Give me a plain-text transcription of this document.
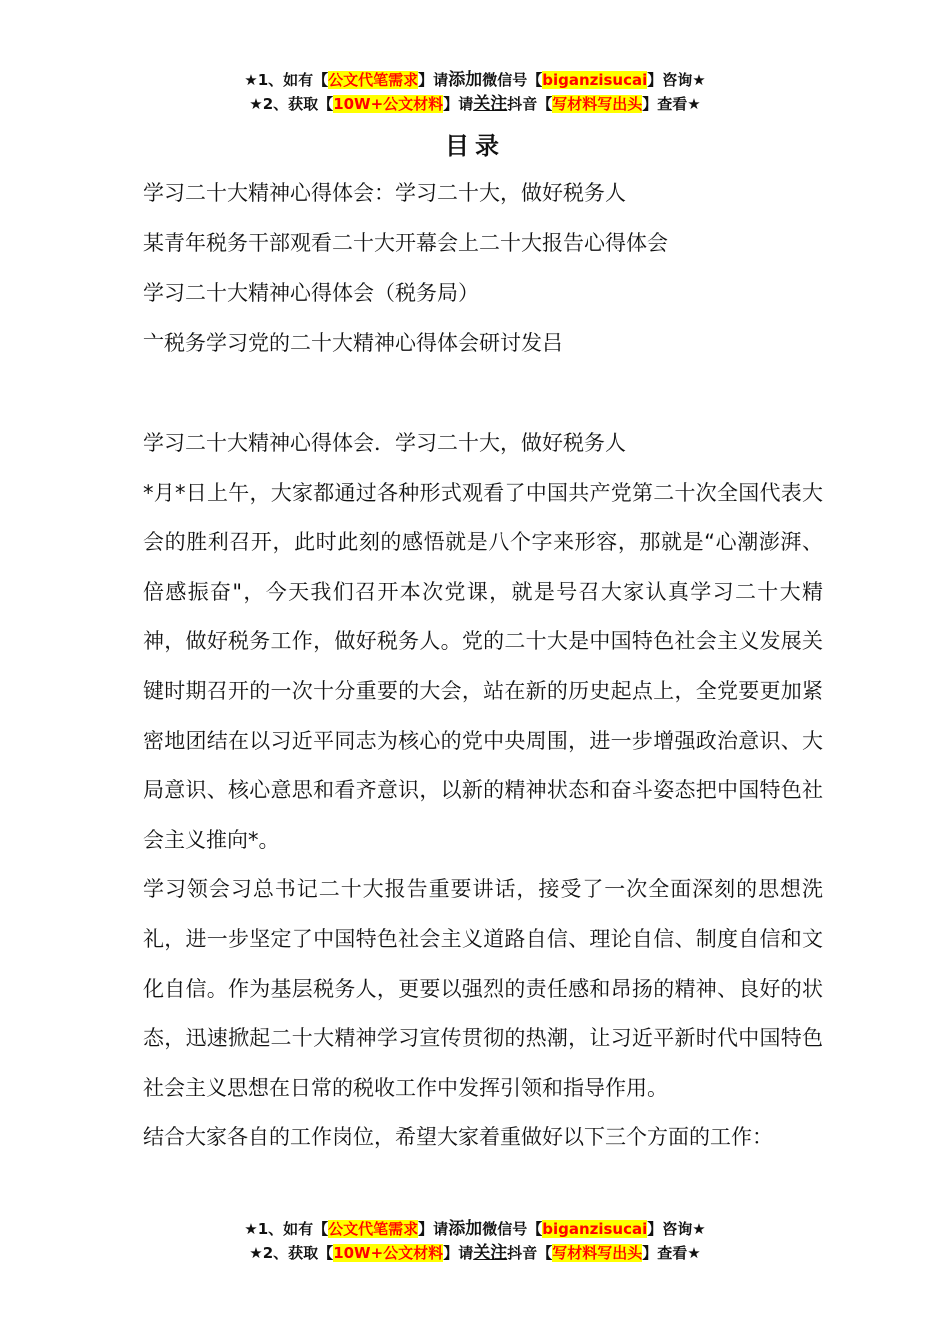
★1、如有【公文代笔需求】请添加微信号【biganzisucai】咨询★
★2、获取【10W+公文材料】请关注抖音【写材料写出头】查看★
目录
学习二十大精神心得体会：学习二十大，做好税务人
某青年税务干部观看二十大开幕会上二十大报告心得体会
学习二十大精神心得体会（税务局）
亠税务学习党的二十大精神心得体会研讨发吕
学习二十大精神心得体会．学习二十大，做好税务人
*月*日上午，大家都通过各种形式观看了中国共产党第二十次全国代表大会的胜利召开，此时此刻的感悟就是八个字来形容，那就是“心潮澎湃、倍感振奋"，今天我们召开本次党课，就是号召大家认真学习二十大精神，做好税务工作，做好税务人。党的二十大是中国特色社会主义发展关键时期召开的一次十分重要的大会，站在新的历史起点上，全党要更加紧密地团结在以习近平同志为核心的党中央周围，进一步增强政治意识、大局意识、核心意思和看齐意识，以新的精神状态和奋斗姿态把中国特色社会主义推向*。
学习领会习总书记二十大报告重要讲话，接受了一次全面深刻的思想洗礼，进一步坚定了中国特色社会主义道路自信、理论自信、制度自信和文化自信。作为基层税务人，更要以强烈的责任感和昂扬的精神、良好的状态，迅速掀起二十大精神学习宣传贯彻的热潮，让习近平新时代中国特色社会主义思想在日常的税收工作中发挥引领和指导作用。
结合大家各自的工作岗位，希望大家着重做好以下三个方面的工作：
★1、如有【公文代笔需求】请添加微信号【biganzisucai】咨询★
★2、获取【10W+公文材料】请关注抖音【写材料写出头】查看★
